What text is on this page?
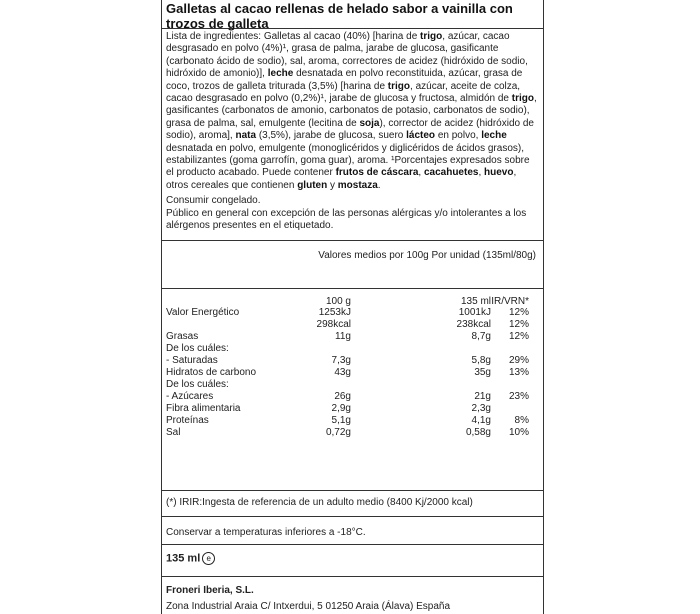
Galletas al cacao rellenas de helado sabor a vainilla con trozos de galleta
Lista de ingredientes: Galletas al cacao (40%) [harina de trigo, azúcar, cacao desgrasado en polvo (4%)¹, grasa de palma, jarabe de glucosa, gasificante (carbonato ácido de sodio), sal, aroma, correctores de acidez (hidróxido de sodio, hidróxido de amonio)], leche desnatada en polvo reconstituida, azúcar, grasa de coco, trozos de galleta triturada (3,5%) [harina de trigo, azúcar, aceite de colza, cacao desgrasado en polvo (0,2%)¹, jarabe de glucosa y fructosa, almidón de trigo, gasificantes (carbonatos de amonio, carbonatos de potasio, carbonatos de sodio), grasa de palma, sal, emulgente (lecitina de soja), corrector de acidez (hidróxido de sodio), aroma], nata (3,5%), jarabe de glucosa, suero lácteo en polvo, leche desnatada en polvo, emulgente (monoglicéridos y diglicéridos de ácidos grasos), estabilizantes (goma garrofín, goma guar), aroma. ¹Porcentajes expresados sobre el producto acabado. Puede contener frutos de cáscara, cacahuetes, huevo, otros cereales que contienen gluten y mostaza.
Consumir congelado.
Público en general con excepción de las personas alérgicas y/o intolerantes a los alérgenos presentes en el etiquetado.
Valores medios por 100g Por unidad (135ml/80g)
100 g	135 ml IR/VRN*
Valor Energético	1253kJ	1001kJ 12%
298kcal	238kcal 12%
Grasas	11g	8,7g 12%
De los cuáles:
- Saturadas	7,3g	5,8g 29%
Hidratos de carbono	43g	35g 13%
De los cuáles:
- Azúcares	26g	21g 23%
Fibra alimentaria	2,9g	2,3g
Proteínas	5,1g	4,1g 8%
Sal	0,72g	0,58g 10%
(*) IRIR:Ingesta de referencia de un adulto medio (8400 Kj/2000 kcal)
Conservar a temperaturas inferiores a -18°C.
135 ml e
Froneri Iberia, S.L.
Zona Industrial Araia C/ Intxerdui, 5 01250 Araia (Álava) España
